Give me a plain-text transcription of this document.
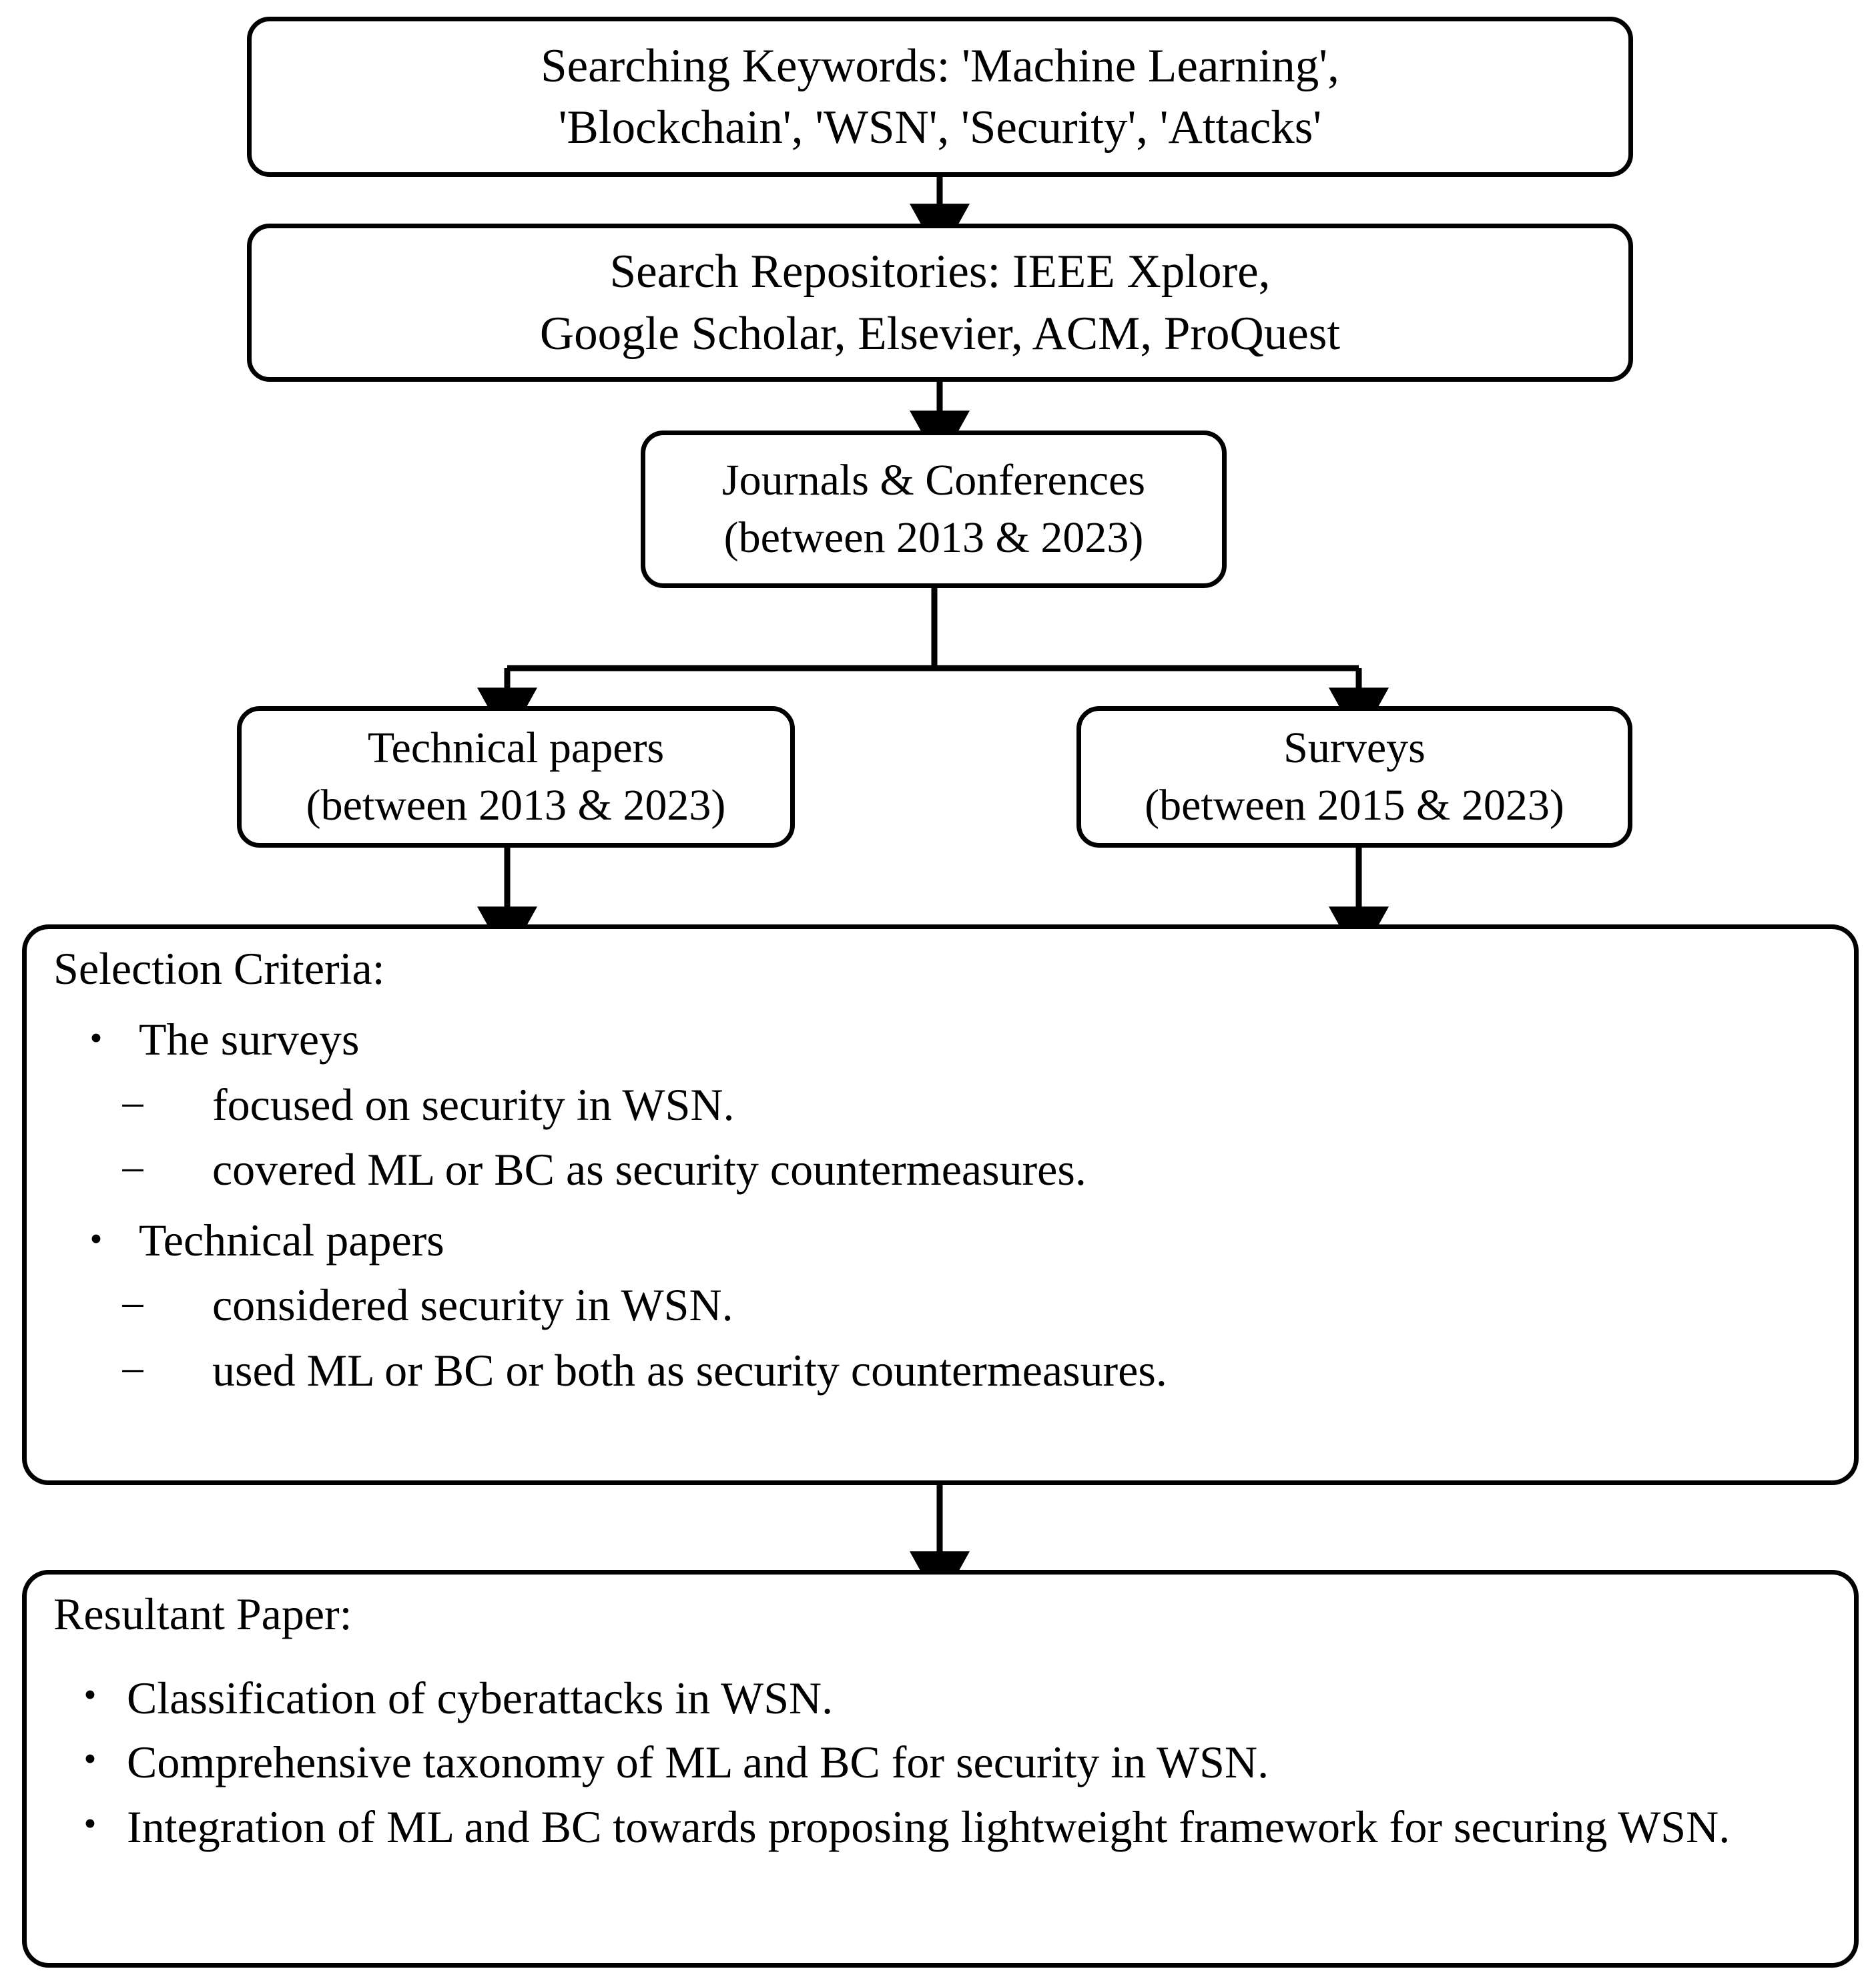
Searching Keywords: 'Machine Learning',
'Blockchain', 'WSN', 'Security', 'Attacks'
Search Repositories: IEEE Xplore,
Google Scholar, Elsevier, ACM, ProQuest
Journals & Conferences
(between 2013 & 2023)
Technical papers
(between 2013 & 2023)
Surveys
(between 2015 & 2023)
Selection Criteria:
• The surveys
–	focused on security in WSN.
–	covered ML or BC as security countermeasures.
• Technical papers
–	considered security in WSN.
–	used ML or BC or both as security countermeasures.
Resultant Paper:
• Classification of cyberattacks in WSN.
• Comprehensive taxonomy of ML and BC for security in WSN.
• Integration of ML and BC towards proposing lightweight framework for securing WSN.
